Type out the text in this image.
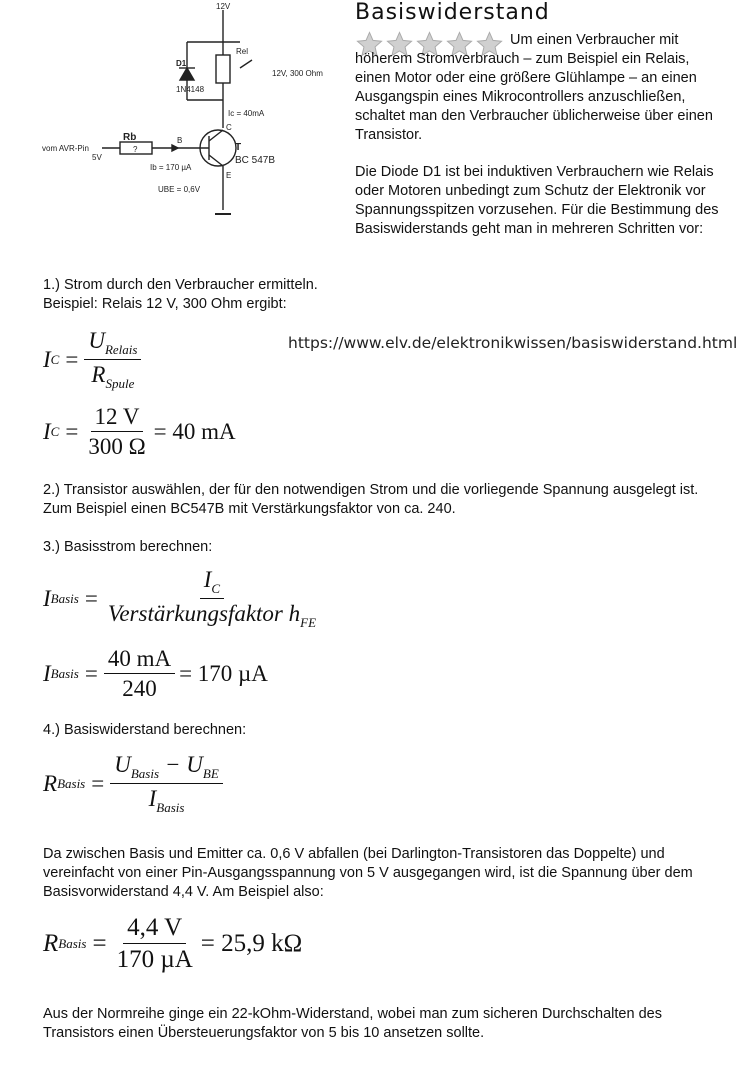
12V
D1
1N4148
Rel
12V, 300 Ohm
Ic = 40mA
vom AVR-Pin
5V
Rb
?
B
Ib = 170 µA
T
BC 547B
C
E
UBE = 0,6V
Basiswiderstand
Um einen Verbraucher mit
höherem Stromverbrauch – zum Beispiel ein Relais, einen Motor oder eine größere Glühlampe – an einen Ausgangspin eines Mikrocontrollers anzuschließen, schaltet man den Verbraucher üblicherweise über einen Transistor.
Die Diode D1 ist bei induktiven Verbrauchern wie Relais oder Motoren unbedingt zum Schutz der Elektronik vor Spannungsspitzen vorzusehen. Für die Bestimmung des Basiswiderstands geht man in mehreren Schritten vor:
1.) Strom durch den Verbraucher ermitteln.
Beispiel: Relais 12 V, 300 Ohm ergibt:
https://www.elv.de/elektronikwissen/basiswiderstand.html
I $C = \frac{U_{Relais}}{R_{Spule}}$
I $C = \frac{12 V}{300 \Omega} = 40$ mA
2.) Transistor auswählen, der für den notwendigen Strom und die vorliegende Spannung ausgelegt ist. Zum Beispiel einen BC547B mit Verstärkungsfaktor von ca. 240.
3.) Basisstrom berechnen:
I Basis = $\frac{I_C}{Verstärkungsfaktor h_{FE}}$
I Basis = $\frac{40 mA}{240} = 170$ µA
4.) Basiswiderstand berechnen:
R Basis = $\frac{U_{Basis} - U_{BE}}{I_{Basis}}$
Da zwischen Basis und Emitter ca. 0,6 V abfallen (bei Darlington-Transistoren das Doppelte) und vereinfacht von einer Pin-Ausgangsspannung von 5 V ausgegangen wird, ist die Spannung über dem Basisvorwiderstand 4,4 V. Am Beispiel also:
R Basis = $\frac{4,4 V}{\text{170 µA}} = 25,9$ kΩ
Aus der Normreihe ginge ein 22-kOhm-Widerstand, wobei man zum sicheren Durchschalten des Transistors einen Übersteuerungsfaktor von 5 bis 10 ansetzen sollte.
